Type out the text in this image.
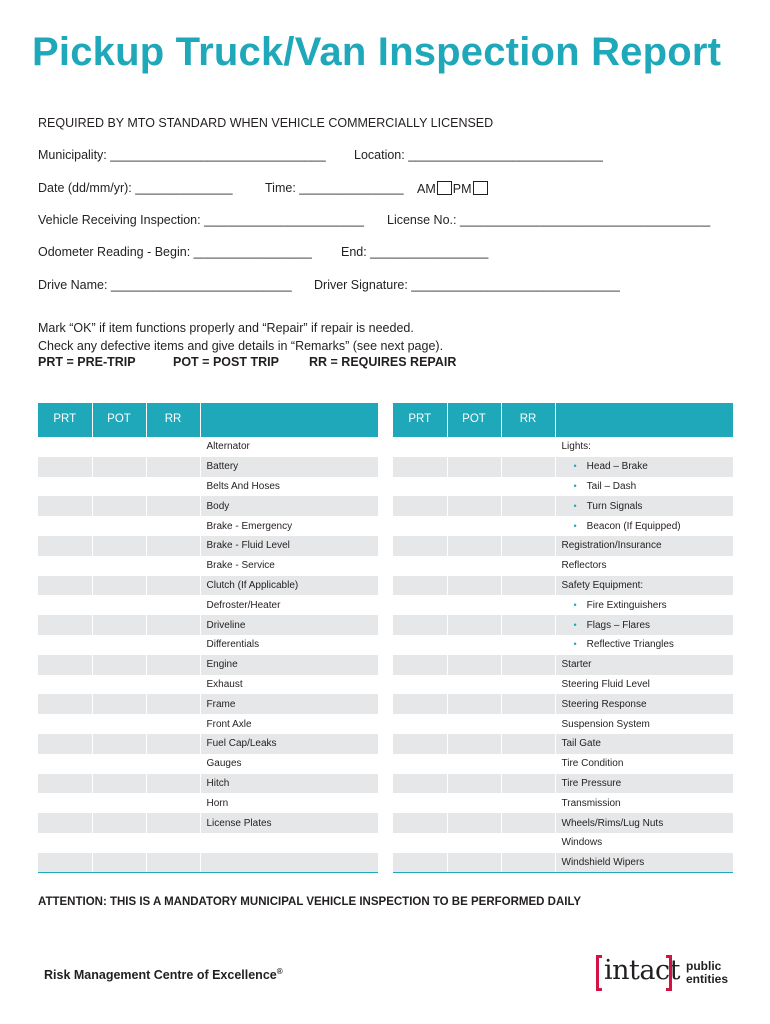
Pickup Truck/Van Inspection Report
REQUIRED BY MTO STANDARD WHEN VEHICLE COMMERCIALLY LICENSED
Municipality: _______________________________ Location: ____________________________
Date (dd/mm/yr): ______________	Time: _______________ AM PM
Vehicle Receiving Inspection: _______________________ License No.: ____________________________________
Odometer Reading - Begin: _________________ End: _________________
Drive Name: __________________________ Driver Signature: ______________________________
Mark “OK” if item functions properly and “Repair” if repair is needed.
Check any defective items and give details in “Remarks” (see next page).
PRT = PRE-TRIP	POT = POST TRIP RR = REQUIRES REPAIR
PRT	POT	RR	
			Alternator
			Battery
			Belts And Hoses
			Body
			Brake - Emergency
			Brake - Fluid Level
			Brake - Service
			Clutch (If Applicable)
			Defroster/Heater
			Driveline
			Differentials
			Engine
			Exhaust
			Frame
			Front Axle
			Fuel Cap/Leaks
			Gauges
			Hitch
			Horn
			License Plates

PRT	POT	RR	
			Lights:
			• Head – Brake
			• Tail – Dash
			• Turn Signals
			• Beacon (If Equipped)
			Registration/Insurance
			Reflectors
			Safety Equipment:
			• Fire Extinguishers
			• Flags – Flares
			• Reflective Triangles
			Starter
			Steering Fluid Level
			Steering Response
			Suspension System
			Tail Gate
			Tire Condition
			Tire Pressure
			Transmission
			Wheels/Rims/Lug Nuts
			Windows
			Windshield Wipers
ATTENTION: THIS IS A MANDATORY MUNICIPAL VEHICLE INSPECTION TO BE PERFORMED DAILY
Risk Management Centre of Excellence®	intact public
entities
